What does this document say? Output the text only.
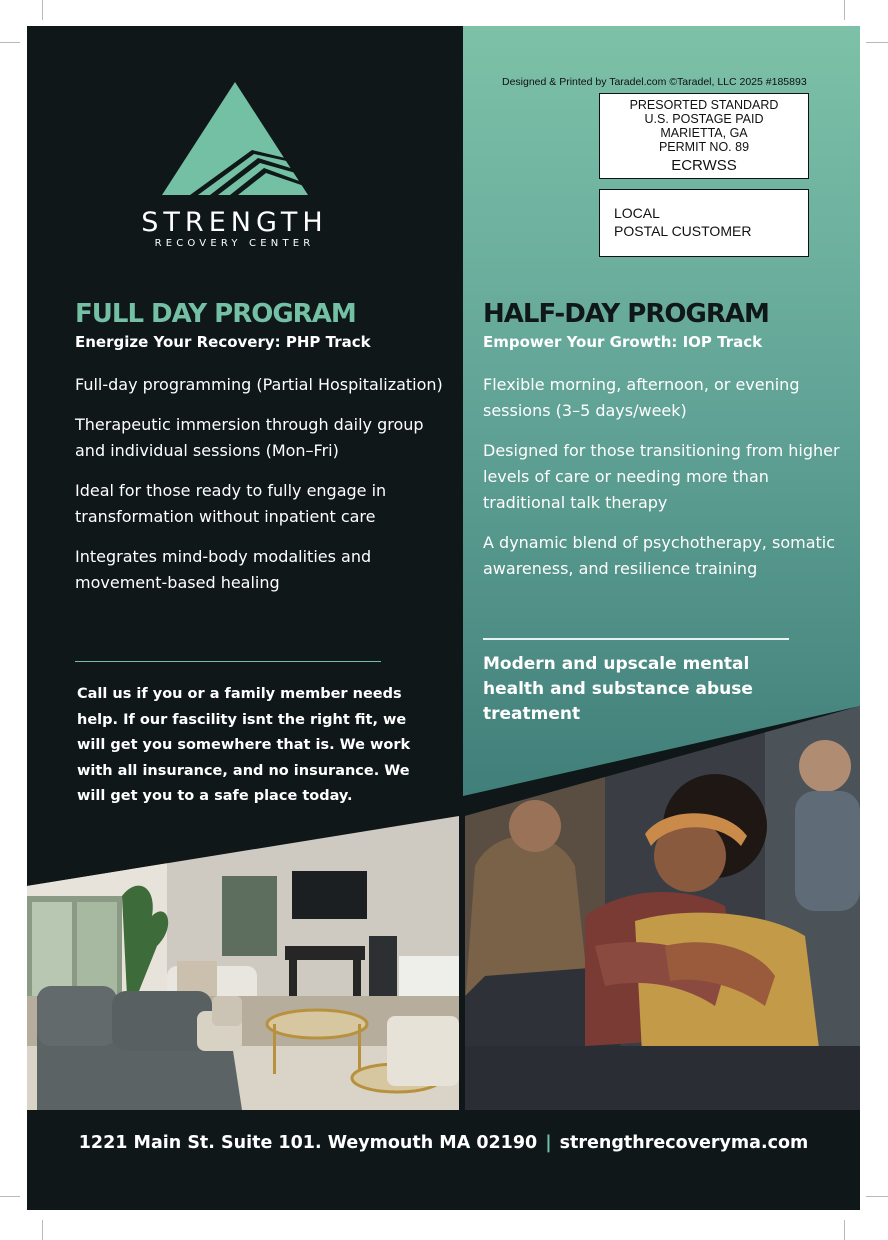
STRENGTH
RECOVERY CENTER
Designed & Printed by Taradel.com ©Taradel, LLC 2025 #185893
PRESORTED STANDARD
U.S. POSTAGE PAID
MARIETTA, GA
PERMIT NO. 89
ECRWSS
LOCAL
POSTAL CUSTOMER
FULL DAY PROGRAM
Energize Your Recovery: PHP Track
Full-day programming (Partial Hospitalization)
Therapeutic immersion through daily group and individual sessions (Mon–Fri)
Ideal for those ready to fully engage in transformation without inpatient care
Integrates mind-body modalities and movement-based healing
HALF-DAY PROGRAM
Empower Your Growth: IOP Track
Flexible morning, afternoon, or evening sessions (3–5 days/week)
Designed for those transitioning from higher levels of care or needing more than traditional talk therapy
A dynamic blend of psychotherapy, somatic awareness, and resilience training
Modern and upscale mental health and substance abuse treatment
Call us if you or a family member needs help. If our fascility isnt the right fit, we will get you somewhere that is. We work with all insurance, and no insurance. We will get you to a safe place today.
1221 Main St. Suite 101. Weymouth MA 02190 | strengthrecoveryma.com
